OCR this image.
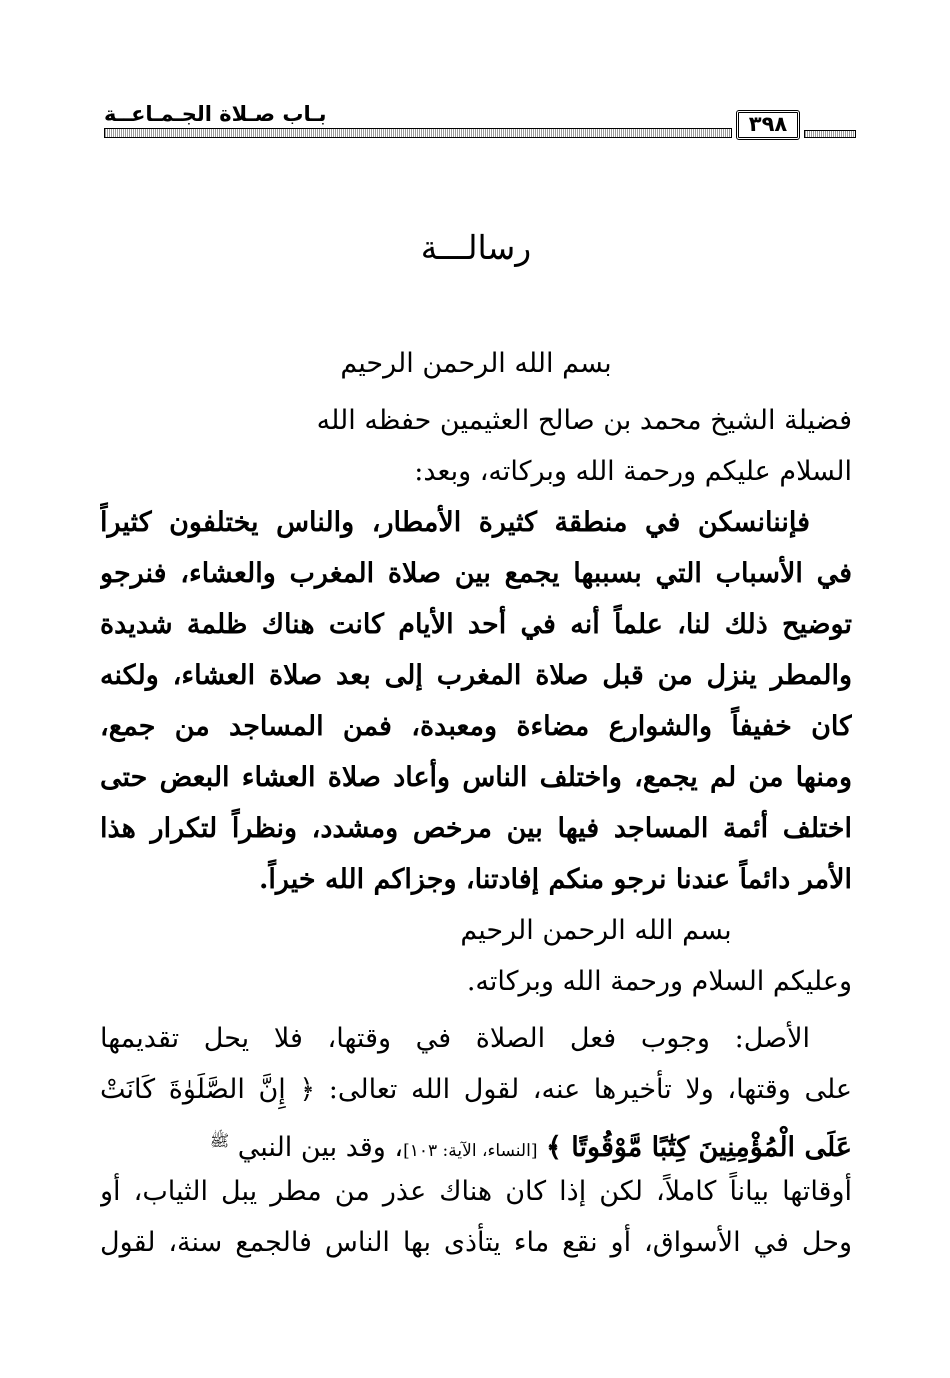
بـاب صـلاة الجـمـاعــة	٣٩٨
رسالـــة
بسم الله الرحمن الرحيم
فضيلة الشيخ محمد بن صالح العثيمين حفظه الله
السلام عليكم ورحمة الله وبركاته، وبعد:
فإننانسكن في منطقة كثيرة الأمطار، والناس يختلفون كثيراً
في الأسباب التي بسببها يجمع بين صلاة المغرب والعشاء، فنرجو
توضيح ذلك لنا، علماً أنه في أحد الأيام كانت هناك ظلمة شديدة
والمطر ينزل من قبل صلاة المغرب إلى بعد صلاة العشاء، ولكنه
كان خفيفاً والشوارع مضاءة ومعبدة، فمن المساجد من جمع،
ومنها من لم يجمع، واختلف الناس وأعاد صلاة العشاء البعض حتى
اختلف أئمة المساجد فيها بين مرخص ومشدد، ونظراً لتكرار هذا
الأمر دائماً عندنا نرجو منكم إفادتنا، وجزاكم الله خيراً.
بسم الله الرحمن الرحيم
وعليكم السلام ورحمة الله وبركاته.
الأصل: وجوب فعل الصلاة في وقتها، فلا يحل تقديمها
على وقتها، ولا تأخيرها عنه، لقول الله تعالى: ﴿ إِنَّ الصَّلَوٰةَ كَانَتْ
عَلَى الْمُؤْمِنِينَ كِتَٰبًا مَّوْقُوتًا ﴾ [النساء، الآية: ١٠٣]، وقد بين النبي $^ﷺ$
أوقاتها بياناً كاملاً، لكن إذا كان هناك عذر من مطر يبل الثياب، أو
وحل في الأسواق، أو نقع ماء يتأذى بها الناس فالجمع سنة، لقول
